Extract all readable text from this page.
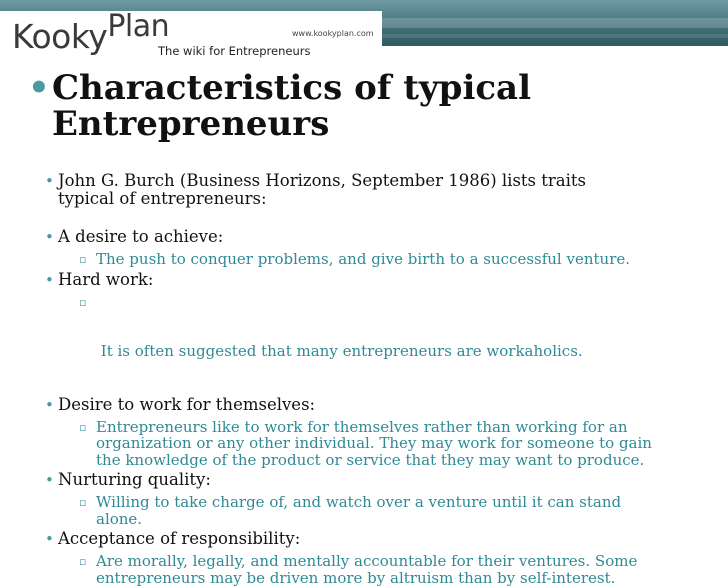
KookyPlan	www.kookyplan.com
The wiki for Entrepreneurs
• Characteristics of typical
Entrepreneurs
• John G. Burch (Business Horizons, September 1986) lists traits
typical of entrepreneurs:
• A desire to achieve:
▫ The push to conquer problems, and give birth to a successful venture.
• Hard work:

▫

It is often suggested that many entrepreneurs are workaholics.

• Desire to work for themselves:
▫ Entrepreneurs like to work for themselves rather than working for an
organization or any other individual. They may work for someone to gain
the knowledge of the product or service that they may want to produce.
• Nurturing quality:
▫ Willing to take charge of, and watch over a venture until it can stand
alone.
• Acceptance of responsibility:
▫ Are morally, legally, and mentally accountable for their ventures. Some
entrepreneurs may be driven more by altruism than by self-interest.
